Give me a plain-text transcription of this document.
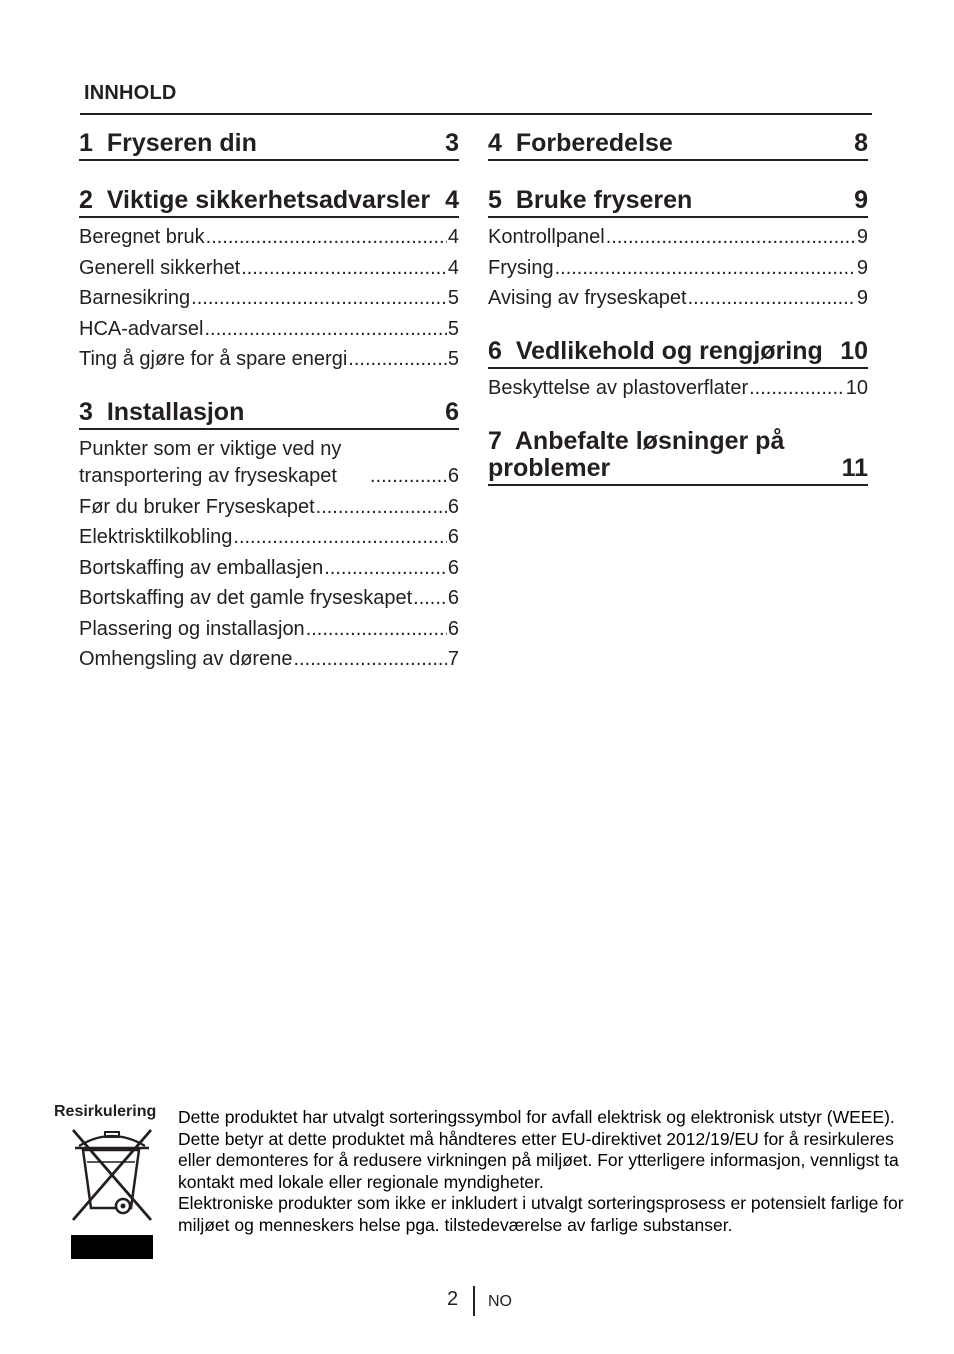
INNHOLD
1 Fryseren din	3
2 Viktige sikkerhetsadvarsler 4
Beregnet bruk .....	4
Generell sikkerhet .....	4
Barnesikring .....	5
HCA-advarsel .....	5
Ting å gjøre for å spare energi .....	5
3 Installasjon	6
Punkter som er viktige ved ny transportering av fryseskapet .....	6
Før du bruker Fryseskapet .....	6
Elektrisktilkobling .....	6
Bortskaffing av emballasjen .....	6
Bortskaffing av det gamle fryseskapet ..... 6
Plassering og installasjon .....	6
Omhengsling av dørene .....	7
4 Forberedelse	8
5 Bruke fryseren	9
Kontrollpanel .....	9
Frysing .....	9
Avising av fryseskapet .....	9
6 Vedlikehold og rengjøring 10
Beskyttelse av plastoverflater .....	10
7 Anbefalte løsninger på problemer	11
Resirkulering Dette produktet har utvalgt sorteringssymbol for avfall elektrisk og elektronisk utstyr (WEEE).

Dette betyr at dette produktet må håndteres etter EU-direktivet 2012/19/EU for å resirkuleres eller demonteres for å redusere virkningen på miljøet. For ytterligere informasjon, vennligst ta kontakt med lokale eller regionale myndigheter.

Elektroniske produkter som ikke er inkludert i utvalgt sorteringsprosess er potensielt farlige for miljøet og menneskers helse pga. tilstedeværelse av farlige substanser.

2 NO
